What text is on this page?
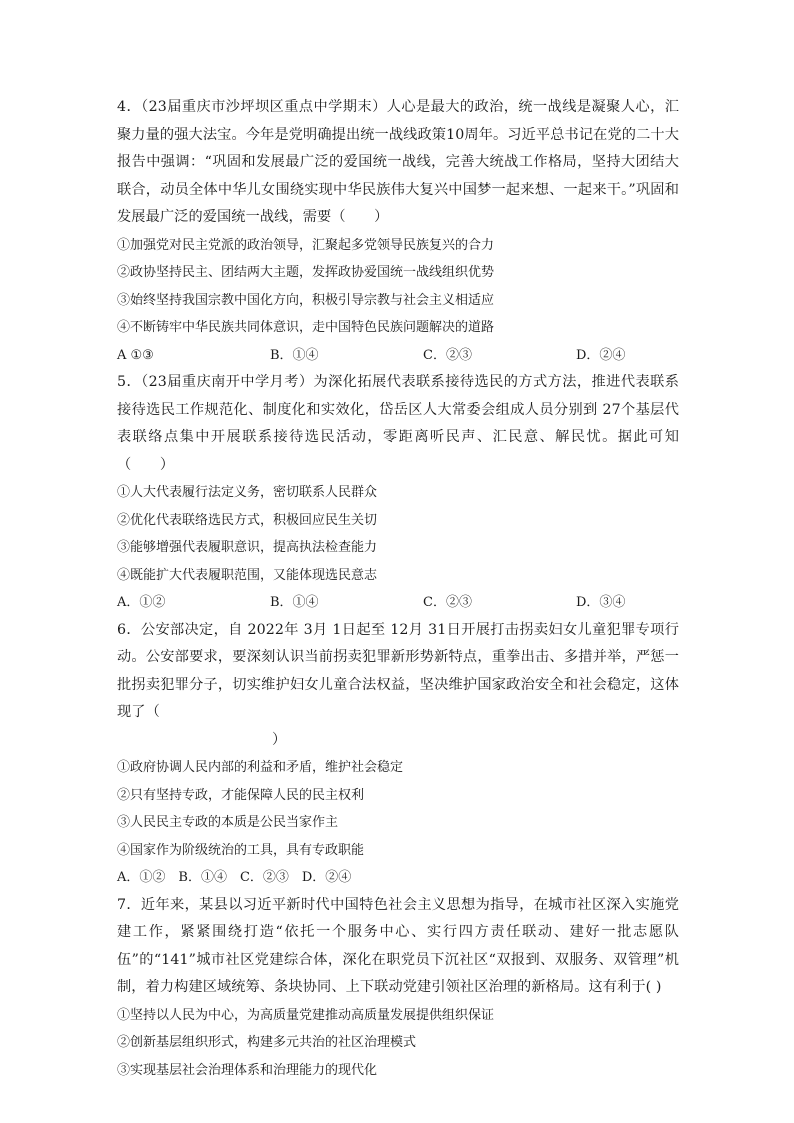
4．（23届重庆市沙坪坝区重点中学期末）人心是最大的政治，统一战线是凝聚人心，汇聚力量的强大法宝。今年是党明确提出统一战线政策10周年。习近平总书记在党的二十大报告中强调：“巩固和发展最广泛的爱国统一战线，完善大统战工作格局，坚持大团结大联合，动员全体中华儿女围绕实现中华民族伟大复兴中国梦一起来想、一起来干。”巩固和发展最广泛的爱国统一战线，需要（　　）

①加强党对民主党派的政治领导，汇聚起多党领导民族复兴的合力

②政协坚持民主、团结两大主题，发挥政协爱国统一战线组织优势

③始终坚持我国宗教中国化方向，积极引导宗教与社会主义相适应

④不断铸牢中华民族共同体意识，走中国特色民族问题解决的道路

A ①③	B．①④	C．②③	D．②④

5．（23届重庆南开中学月考）为深化拓展代表联系接待选民的方式方法，推进代表联系接待选民工作规范化、制度化和实效化，岱岳区人大常委会组成人员分别到 27个基层代表联络点集中开展联系接待选民活动，零距离听民声、汇民意、解民忧。据此可知（　　）

①人大代表履行法定义务，密切联系人民群众

②优化代表联络选民方式，积极回应民生关切

③能够增强代表履职意识，提高执法检查能力

④既能扩大代表履职范围，又能体现选民意志

A．①②	B．①④	C．②③	D．③④

6．公安部决定，自 2022年 3月 1日起至 12月 31日开展打击拐卖妇女儿童犯罪专项行动。公安部要求，要深刻认识当前拐卖犯罪新形势新特点，重拳出击、多措并举，严惩一批拐卖犯罪分子，切实维护妇女儿童合法权益，坚决维护国家政治安全和社会稳定，这体现了（

）

①政府协调人民内部的利益和矛盾，维护社会稳定

②只有坚持专政，才能保障人民的民主权利

③人民民主专政的本质是公民当家作主

④国家作为阶级统治的工具，具有专政职能

A．①②　B．①④　C．②③　D．②④

7．近年来，某县以习近平新时代中国特色社会主义思想为指导，在城市社区深入实施党建工作，紧紧围绕打造“依托一个服务中心、实行四方责任联动、建好一批志愿队伍”的“141”城市社区党建综合体，深化在职党员下沉社区“双报到、双服务、双管理”机制，着力构建区域统筹、条块协同、上下联动党建引领社区治理的新格局。这有利于( )

①坚持以人民为中心，为高质量党建推动高质量发展提供组织保证

②创新基层组织形式，构建多元共治的社区治理模式

③实现基层社会治理体系和治理能力的现代化
